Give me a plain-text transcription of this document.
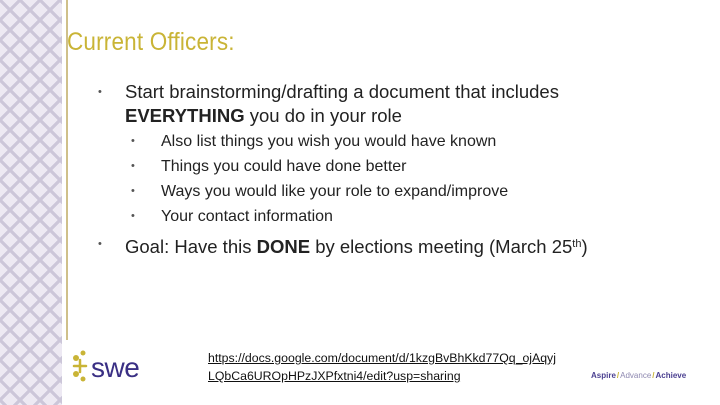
Current Officers:
• Start brainstorming/drafting a document that includes EVERYTHING you do in your role
• Also list things you wish you would have known
• Things you could have done better
• Ways you would like your role to expand/improve
• Your contact information
• Goal: Have this DONE by elections meeting (March 25th)
https://docs.google.com/document/d/1kzgBvBhKkd77Qq_ojAqyjLQbCa6UROpHPzJXPfxtni4/edit?usp=sharing
swe	Aspire/Advance/Achieve
